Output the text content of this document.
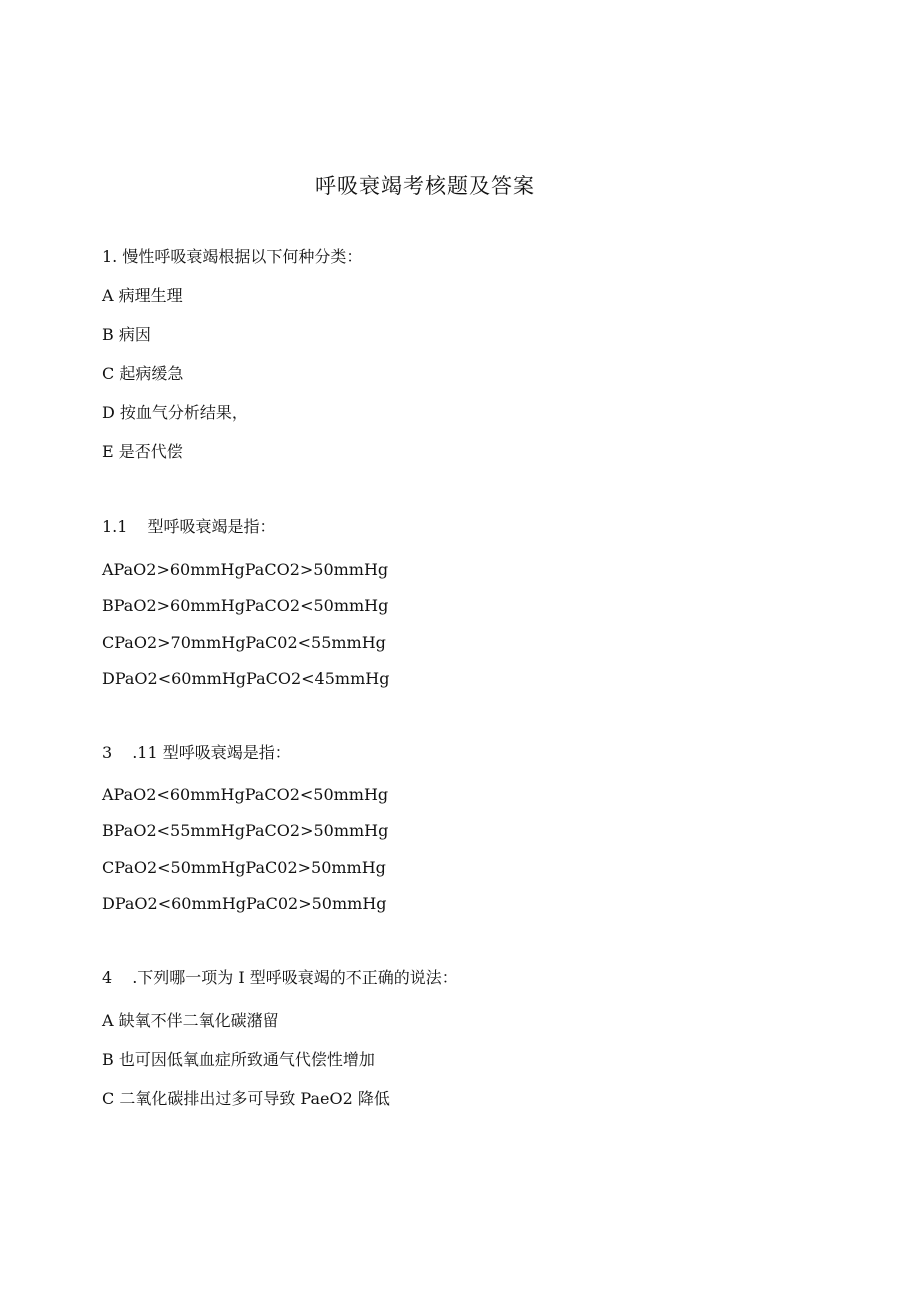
呼吸衰竭考核题及答案
1. 慢性呼吸衰竭根据以下何种分类：
A 病理生理
B 病因
C 起病缓急
D 按血气分析结果，
E 是否代偿
1.1 型呼吸衰竭是指：
APaO2>60mmHgPaCO2>50mmHg
BPaO2>60mmHgPaCO2<50mmHg
CPaO2>70mmHgPaC02<55mmHg
DPaO2<60mmHgPaCO2<45mmHg
3 .11 型呼吸衰竭是指：
APaO2<60mmHgPaCO2<50mmHg
BPaO2<55mmHgPaCO2>50mmHg
CPaO2<50mmHgPaC02>50mmHg
DPaO2<60mmHgPaC02>50mmHg
4 .下列哪一项为 I 型呼吸衰竭的不正确的说法：
A 缺氧不伴二氧化碳潴留
B 也可因低氧血症所致通气代偿性增加
C 二氧化碳排出过多可导致 PaeO2 降低
